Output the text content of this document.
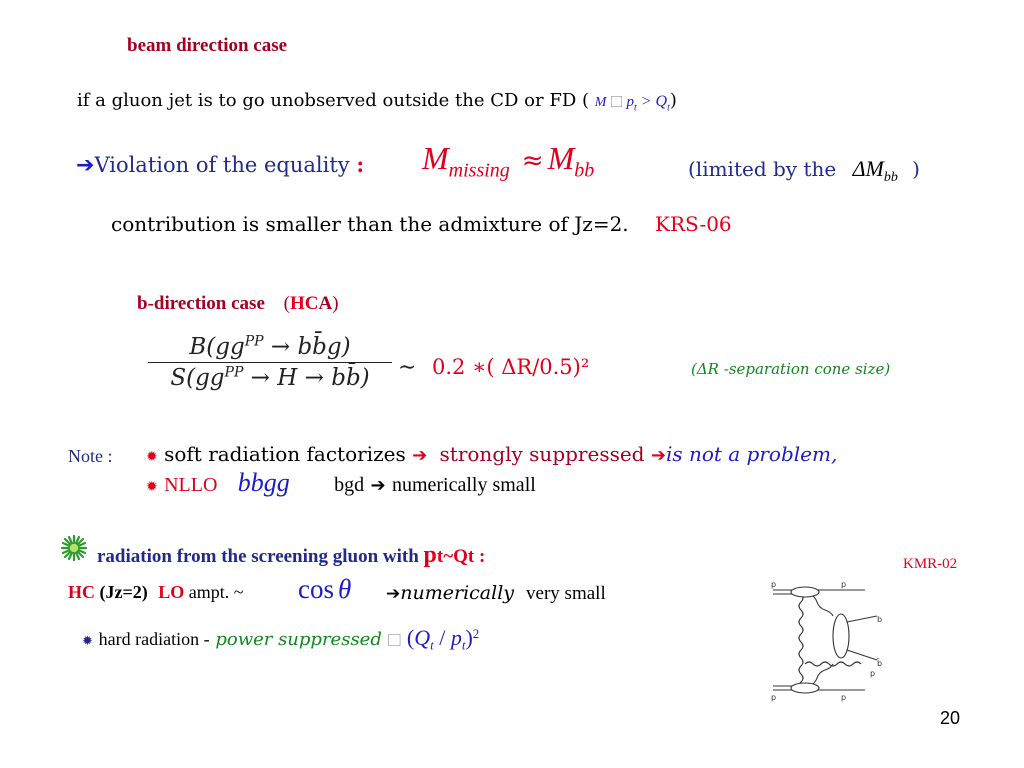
beam direction case
if a gluon jet is to go unobserved outside the CD or FD ( M ⃞ $p_t > Q_t$)
➔Violation of the equality : $M_{missing} \approx M_{bb}$	(limited by the $\Delta M_{bb}$ )
contribution is smaller than the admixture of Jz=2. KRS-06
b-direction case (HCA)
$B(gg^{PP}$ → bb̄g)
$S(gg^{PP} \to H$ → bb̄)	∼ 0.2 ∗( ΔR/0.5)²	(ΔR -separation cone size)
Note : ✹ soft radiation factorizes ➔ strongly suppressed ➔is not a problem,
✹ NLLO bbgg bgd ➔ numerically small
radiation from the screening gluon with pt~Qt :	KMR-02
HC (Jz=2) LO ampt. ~ cos θ ➔numerically very small
✹ hard radiation - power suppressed ⃞ $(Q_t / p_t)^2$
p	p
p	p
b
b̄
p
20
